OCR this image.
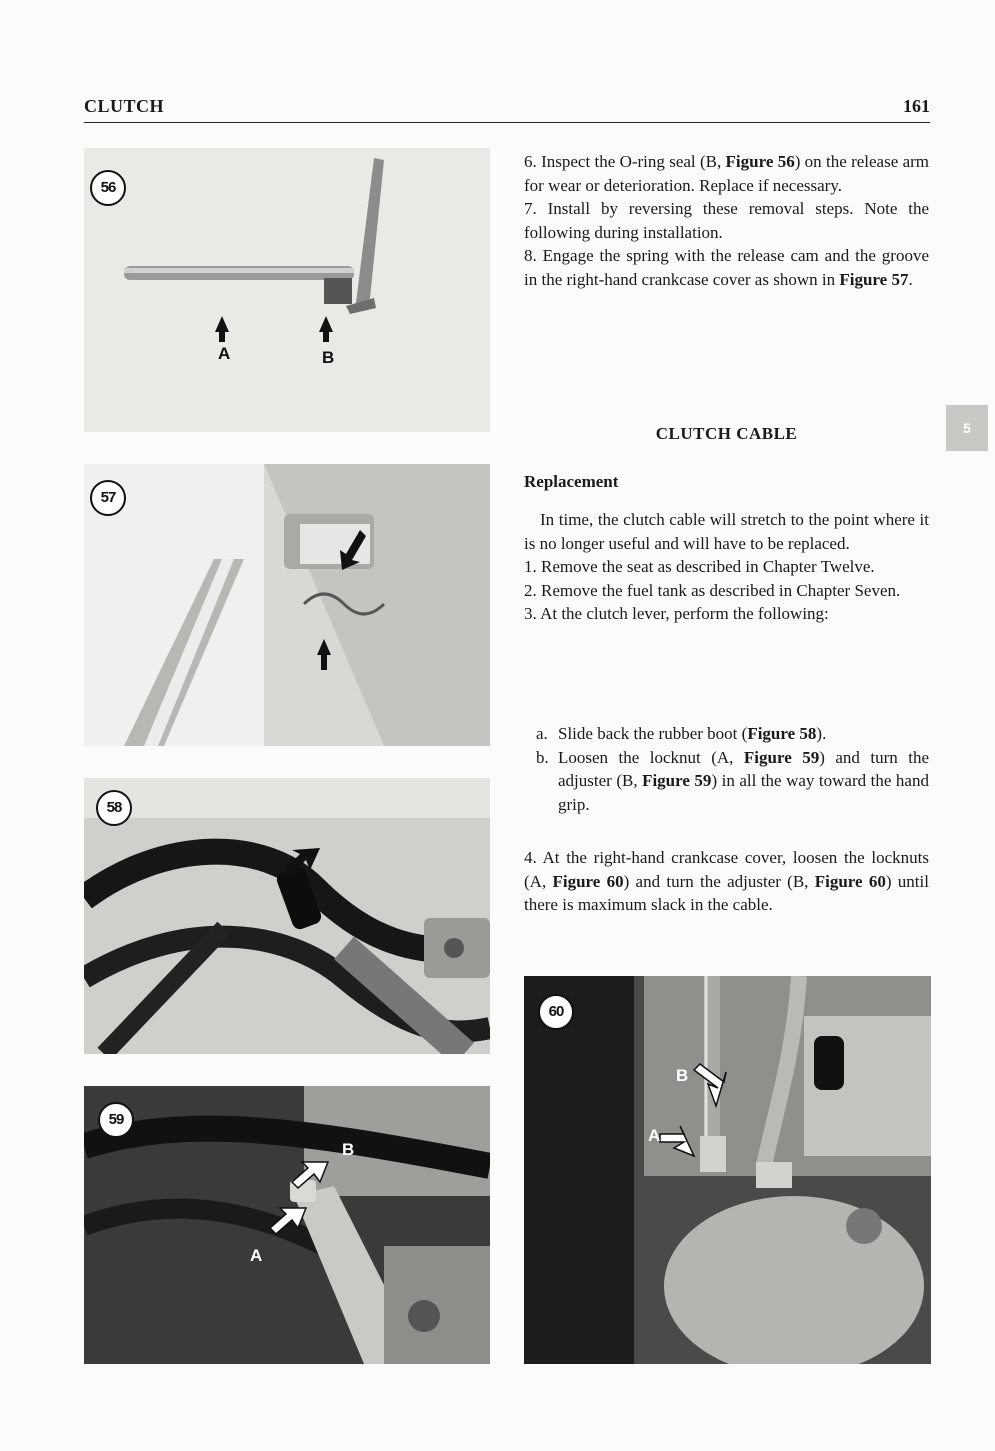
CLUTCH	161
56
A	B
57
58
59
B
A

6. Inspect the O-ring seal (B, Figure 56) on the release arm for wear or deterioration. Replace if necessary.

7. Install by reversing these removal steps. Note the following during installation.

8. Engage the spring with the release cam and the groove in the right-hand crankcase cover as shown in Figure 57.

CLUTCH CABLE
Replacement

In time, the clutch cable will stretch to the point where it is no longer useful and will have to be replaced.

1. Remove the seat as described in Chapter Twelve.

2. Remove the fuel tank as described in Chapter Seven.

3. At the clutch lever, perform the following:

a. Slide back the rubber boot (Figure 58).
b. Loosen the locknut (A, Figure 59) and turn the adjuster (B, Figure 59) in all the way toward the hand grip.

4. At the right-hand crankcase cover, loosen the locknuts (A, Figure 60) and turn the adjuster (B, Figure 60) until there is maximum slack in the cable.

60
B
A
5
